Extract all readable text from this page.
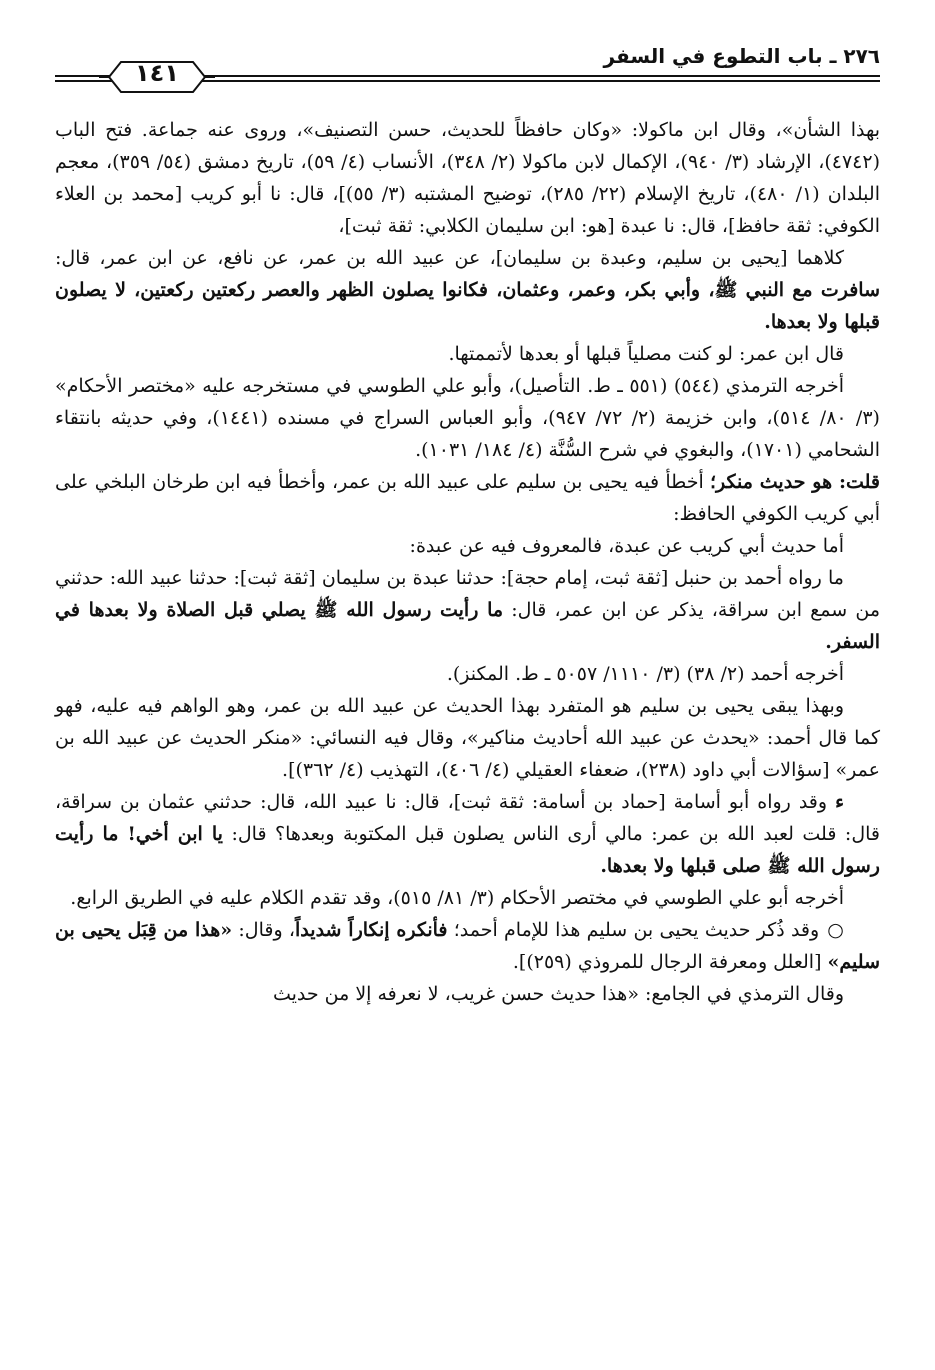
٢٧٦ ـ باب التطوع في السفر
١٤١

بهذا الشأن»، وقال ابن ماكولا: «وكان حافظاً للحديث، حسن التصنيف»، وروى عنه جماعة. فتح الباب (٤٧٤٢)، الإرشاد (٣/ ٩٤٠)، الإكمال لابن ماكولا (٢/ ٣٤٨)، الأنساب (٤/ ٥٩)، تاريخ دمشق (٥٤/ ٣٥٩)، معجم البلدان (١/ ٤٨٠)، تاريخ الإسلام (٢٢/ ٢٨٥)، توضيح المشتبه (٣/ ٥٥)]، قال: نا أبو كريب [محمد بن العلاء الكوفي: ثقة حافظ]، قال: نا عبدة [هو: ابن سليمان الكلابي: ثقة ثبت]،

كلاهما [يحيى بن سليم، وعبدة بن سليمان]، عن عبيد الله بن عمر، عن نافع، عن ابن عمر، قال: سافرت مع النبي ﷺ، وأبي بكر، وعمر، وعثمان، فكانوا يصلون الظهر والعصر ركعتين ركعتين، لا يصلون قبلها ولا بعدها.

قال ابن عمر: لو كنت مصلياً قبلها أو بعدها لأتممتها.

أخرجه الترمذي (٥٤٤) (٥٥١ ـ ط. التأصيل)، وأبو علي الطوسي في مستخرجه عليه «مختصر الأحكام» (٣/ ٨٠/ ٥١٤)، وابن خزيمة (٢/ ٧٢/ ٩٤٧)، وأبو العباس السراج في مسنده (١٤٤١)، وفي حديثه بانتقاء الشحامي (١٧٠١)، والبغوي في شرح السُّنَّة (٤/ ١٨٤/ ١٠٣١).

قلت: هو حديث منكر؛ أخطأ فيه يحيى بن سليم على عبيد الله بن عمر، وأخطأ فيه ابن طرخان البلخي على أبي كريب الكوفي الحافظ:

أما حديث أبي كريب عن عبدة، فالمعروف فيه عن عبدة:

ما رواه أحمد بن حنبل [ثقة ثبت، إمام حجة]: حدثنا عبدة بن سليمان [ثقة ثبت]: حدثنا عبيد الله: حدثني من سمع ابن سراقة، يذكر عن ابن عمر، قال: ما رأيت رسول الله ﷺ يصلي قبل الصلاة ولا بعدها في السفر.

أخرجه أحمد (٢/ ٣٨) (٣/ ١١١٠/ ٥٠٥٧ ـ ط. المكنز).

وبهذا يبقى يحيى بن سليم هو المتفرد بهذا الحديث عن عبيد الله بن عمر، وهو الواهم فيه عليه، فهو كما قال أحمد: «يحدث عن عبيد الله أحاديث مناكير»، وقال فيه النسائي: «منكر الحديث عن عبيد الله بن عمر» [سؤالات أبي داود (٢٣٨)، ضعفاء العقيلي (٤/ ٤٠٦)، التهذيب (٤/ ٣٦٢)].

ءوقد رواه أبو أسامة [حماد بن أسامة: ثقة ثبت]، قال: نا عبيد الله، قال: حدثني عثمان بن سراقة، قال: قلت لعبد الله بن عمر: مالي أرى الناس يصلون قبل المكتوبة وبعدها؟ قال: يا ابن أخي! ما رأيت رسول الله ﷺ صلى قبلها ولا بعدها.

أخرجه أبو علي الطوسي في مختصر الأحكام (٣/ ٨١/ ٥١٥)، وقد تقدم الكلام عليه في الطريق الرابع.

○وقد ذُكر حديث يحيى بن سليم هذا للإمام أحمد؛ فأنكره إنكاراً شديداً، وقال: «هذا من قِبَل يحيى بن سليم» [العلل ومعرفة الرجال للمروذي (٢٥٩)].

وقال الترمذي في الجامع: «هذا حديث حسن غريب، لا نعرفه إلا من حديث
